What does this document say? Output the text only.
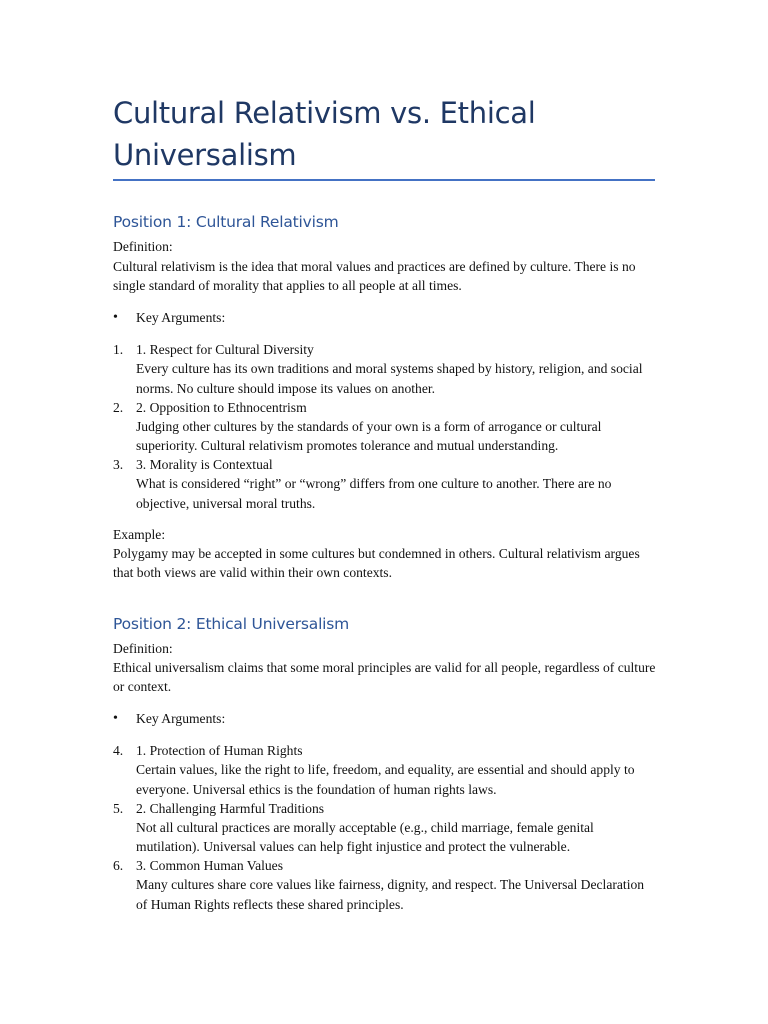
Cultural Relativism vs. Ethical Universalism
Position 1: Cultural Relativism
Definition:
Cultural relativism is the idea that moral values and practices are defined by culture. There is no single standard of morality that applies to all people at all times.
• Key Arguments:
1. 1. Respect for Cultural Diversity
Every culture has its own traditions and moral systems shaped by history, religion, and social norms. No culture should impose its values on another.
2. 2. Opposition to Ethnocentrism
Judging other cultures by the standards of your own is a form of arrogance or cultural superiority. Cultural relativism promotes tolerance and mutual understanding.
3. 3. Morality is Contextual
What is considered “right” or “wrong” differs from one culture to another. There are no objective, universal moral truths.
Example:
Polygamy may be accepted in some cultures but condemned in others. Cultural relativism argues that both views are valid within their own contexts.
Position 2: Ethical Universalism
Definition:
Ethical universalism claims that some moral principles are valid for all people, regardless of culture or context.
• Key Arguments:
4. 1. Protection of Human Rights
Certain values, like the right to life, freedom, and equality, are essential and should apply to everyone. Universal ethics is the foundation of human rights laws.
5. 2. Challenging Harmful Traditions
Not all cultural practices are morally acceptable (e.g., child marriage, female genital mutilation). Universal values can help fight injustice and protect the vulnerable.
6. 3. Common Human Values
Many cultures share core values like fairness, dignity, and respect. The Universal Declaration of Human Rights reflects these shared principles.
